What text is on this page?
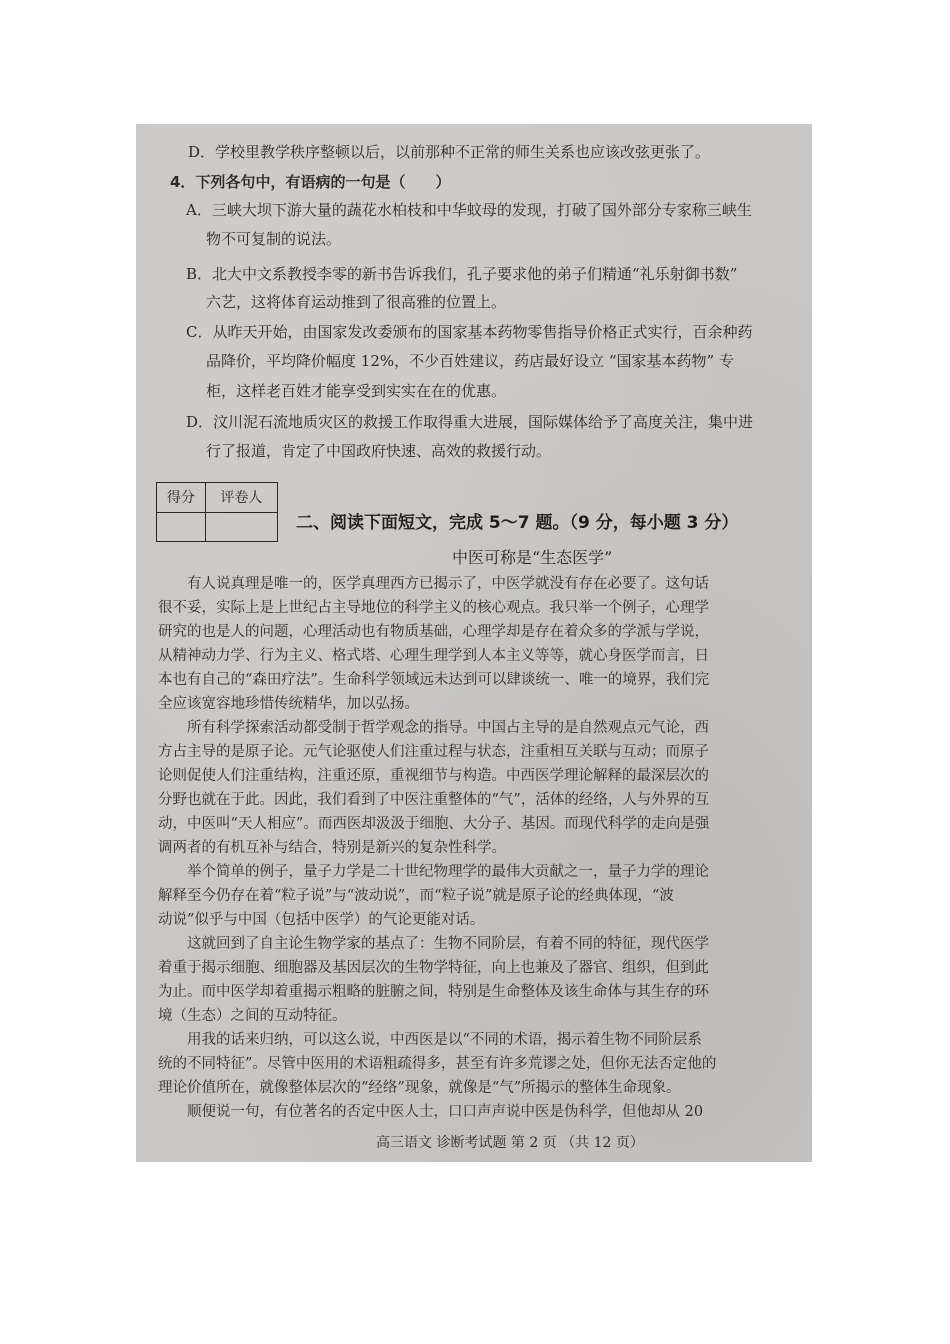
D．学校里教学秩序整顿以后，以前那种不正常的师生关系也应该改弦更张了。
4．下列各句中，有语病的一句是（　　）
A．三峡大坝下游大量的蔬花水柏枝和中华蚊母的发现，打破了国外部分专家称三峡生
物不可复制的说法。
B．北大中文系教授李零的新书告诉我们，孔子要求他的弟子们精通“礼乐射御书数”
六艺，这将体育运动推到了很高雅的位置上。
C．从昨天开始，由国家发改委颁布的国家基本药物零售指导价格正式实行，百余种药
品降价，平均降价幅度 12%，不少百姓建议，药店最好设立 “国家基本药物” 专
柜，这样老百姓才能享受到实实在在的优惠。
D．汶川泥石流地质灾区的救援工作取得重大进展，国际媒体给予了高度关注，集中进
行了报道，肯定了中国政府快速、高效的救援行动。
得分	评卷人

二、阅读下面短文，完成 5～7 题。（9 分，每小题 3 分）
中医可称是“生态医学”
　　有人说真理是唯一的，医学真理西方已揭示了，中医学就没有存在必要了。这句话
很不妥，实际上是上世纪占主导地位的科学主义的核心观点。我只举一个例子，心理学
研究的也是人的问题，心理活动也有物质基础，心理学却是存在着众多的学派与学说，
从精神动力学、行为主义、格式塔、心理生理学到人本主义等等，就心身医学而言，日
本也有自己的“森田疗法”。生命科学领域远未达到可以肆谈统一、唯一的境界，我们完
全应该宽容地珍惜传统精华，加以弘扬。
　　所有科学探索活动都受制于哲学观念的指导。中国占主导的是自然观点元气论，西
方占主导的是原子论。元气论驱使人们注重过程与状态，注重相互关联与互动；而原子
论则促使人们注重结构，注重还原，重视细节与构造。中西医学理论解释的最深层次的
分野也就在于此。因此，我们看到了中医注重整体的“气”，活体的经络，人与外界的互
动，中医叫“天人相应”。而西医却汲汲于细胞、大分子、基因。而现代科学的走向是强
调两者的有机互补与结合，特别是新兴的复杂性科学。
　　举个简单的例子，量子力学是二十世纪物理学的最伟大贡献之一，量子力学的理论
解释至今仍存在着“粒子说”与“波动说”，而“粒子说”就是原子论的经典体现，“波
动说”似乎与中国（包括中医学）的气论更能对话。
　　这就回到了自主论生物学家的基点了：生物不同阶层，有着不同的特征，现代医学
着重于揭示细胞、细胞器及基因层次的生物学特征，向上也兼及了器官、组织，但到此
为止。而中医学却着重揭示粗略的脏腑之间，特别是生命整体及该生命体与其生存的环
境（生态）之间的互动特征。
　　用我的话来归纳，可以这么说，中西医是以“不同的术语，揭示着生物不同阶层系
统的不同特征”。尽管中医用的术语粗疏得多，甚至有许多荒谬之处，但你无法否定他的
理论价值所在，就像整体层次的“经络”现象，就像是“气”所揭示的整体生命现象。
　　顺便说一句，有位著名的否定中医人士，口口声声说中医是伪科学，但他却从 20
高三语文 诊断考试题 第 2 页 （共 12 页）
